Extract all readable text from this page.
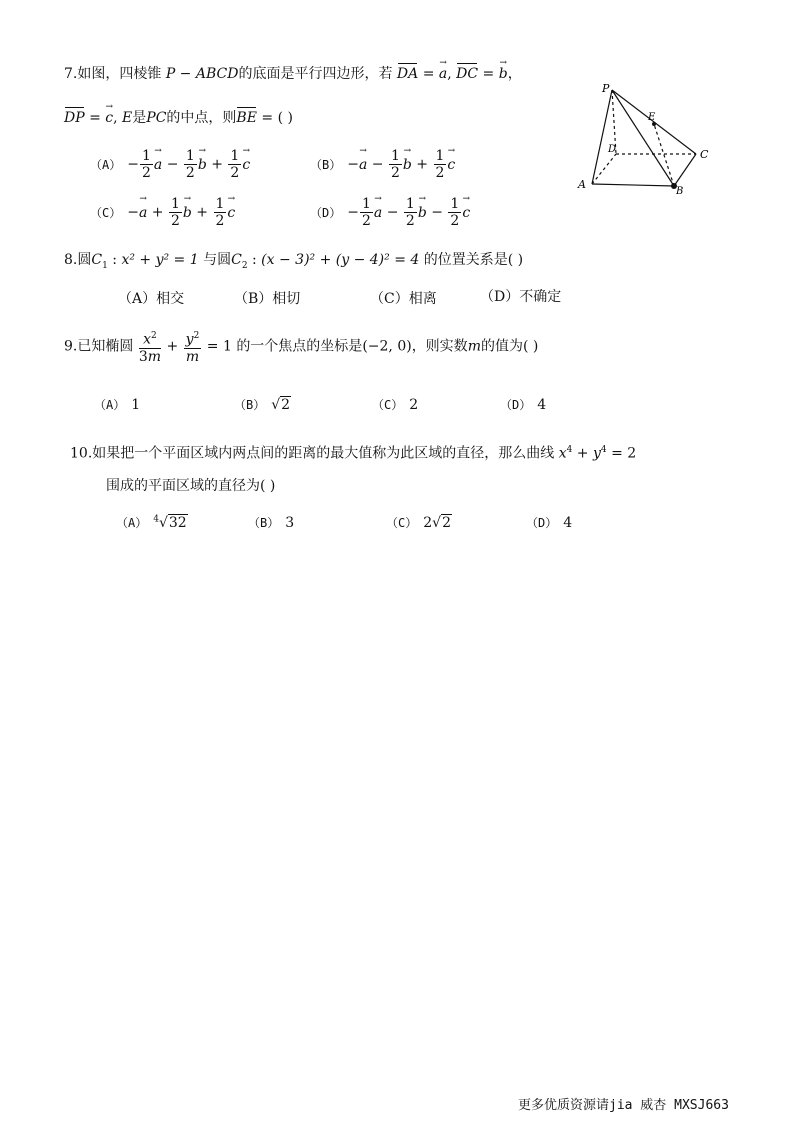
7.如图，四棱锥 P − ABCD的底面是平行四边形，若 DA = → a, DC = → b，
DP = → c, E是PC的中点，则BE = ( )
$(A) - \frac{1}{2}$
→ $a - \frac{1}{2}$
→ $b + \frac{1}{2}$
→ c	$(B) -\to a - \frac{1}{2}$
→ $b + \frac{1}{2}$
→ c
$(C) -\to a + \frac{1}{2}$
→ $b + \frac{1}{2}$
→ c	$(D) - \frac{1}{2}$
→ $a - \frac{1}{2}$
→ $b - \frac{1}{2}$
→ c
P
E
D	C
A
B
8.圆$C_1$ : x² + y² = 1 与圆$C_2$ : (x − 3)² + (y − 4)² = 4 的位置关系是( )
（A）相交	（B）相切	（C）相离	（D）不确定
9.已知椭圆 $\frac{x^2}{3m} + \frac{y^2}{m} = 1$ 的一个焦点的坐标是(−2, 0)，则实数m的值为( )
（A） 1	（B） √2	（C） 2	（D） 4
10.如果把一个平面区域内两点间的距离的最大值称为此区域的直径，那么曲线 $x^4 + y^4 = 2$
围成的平面区域的直径为( )
（A） $^4$√32	（B） 3	（C） 2√2	（D） 4
更多优质资源请jia 威杏 MXSJ663
